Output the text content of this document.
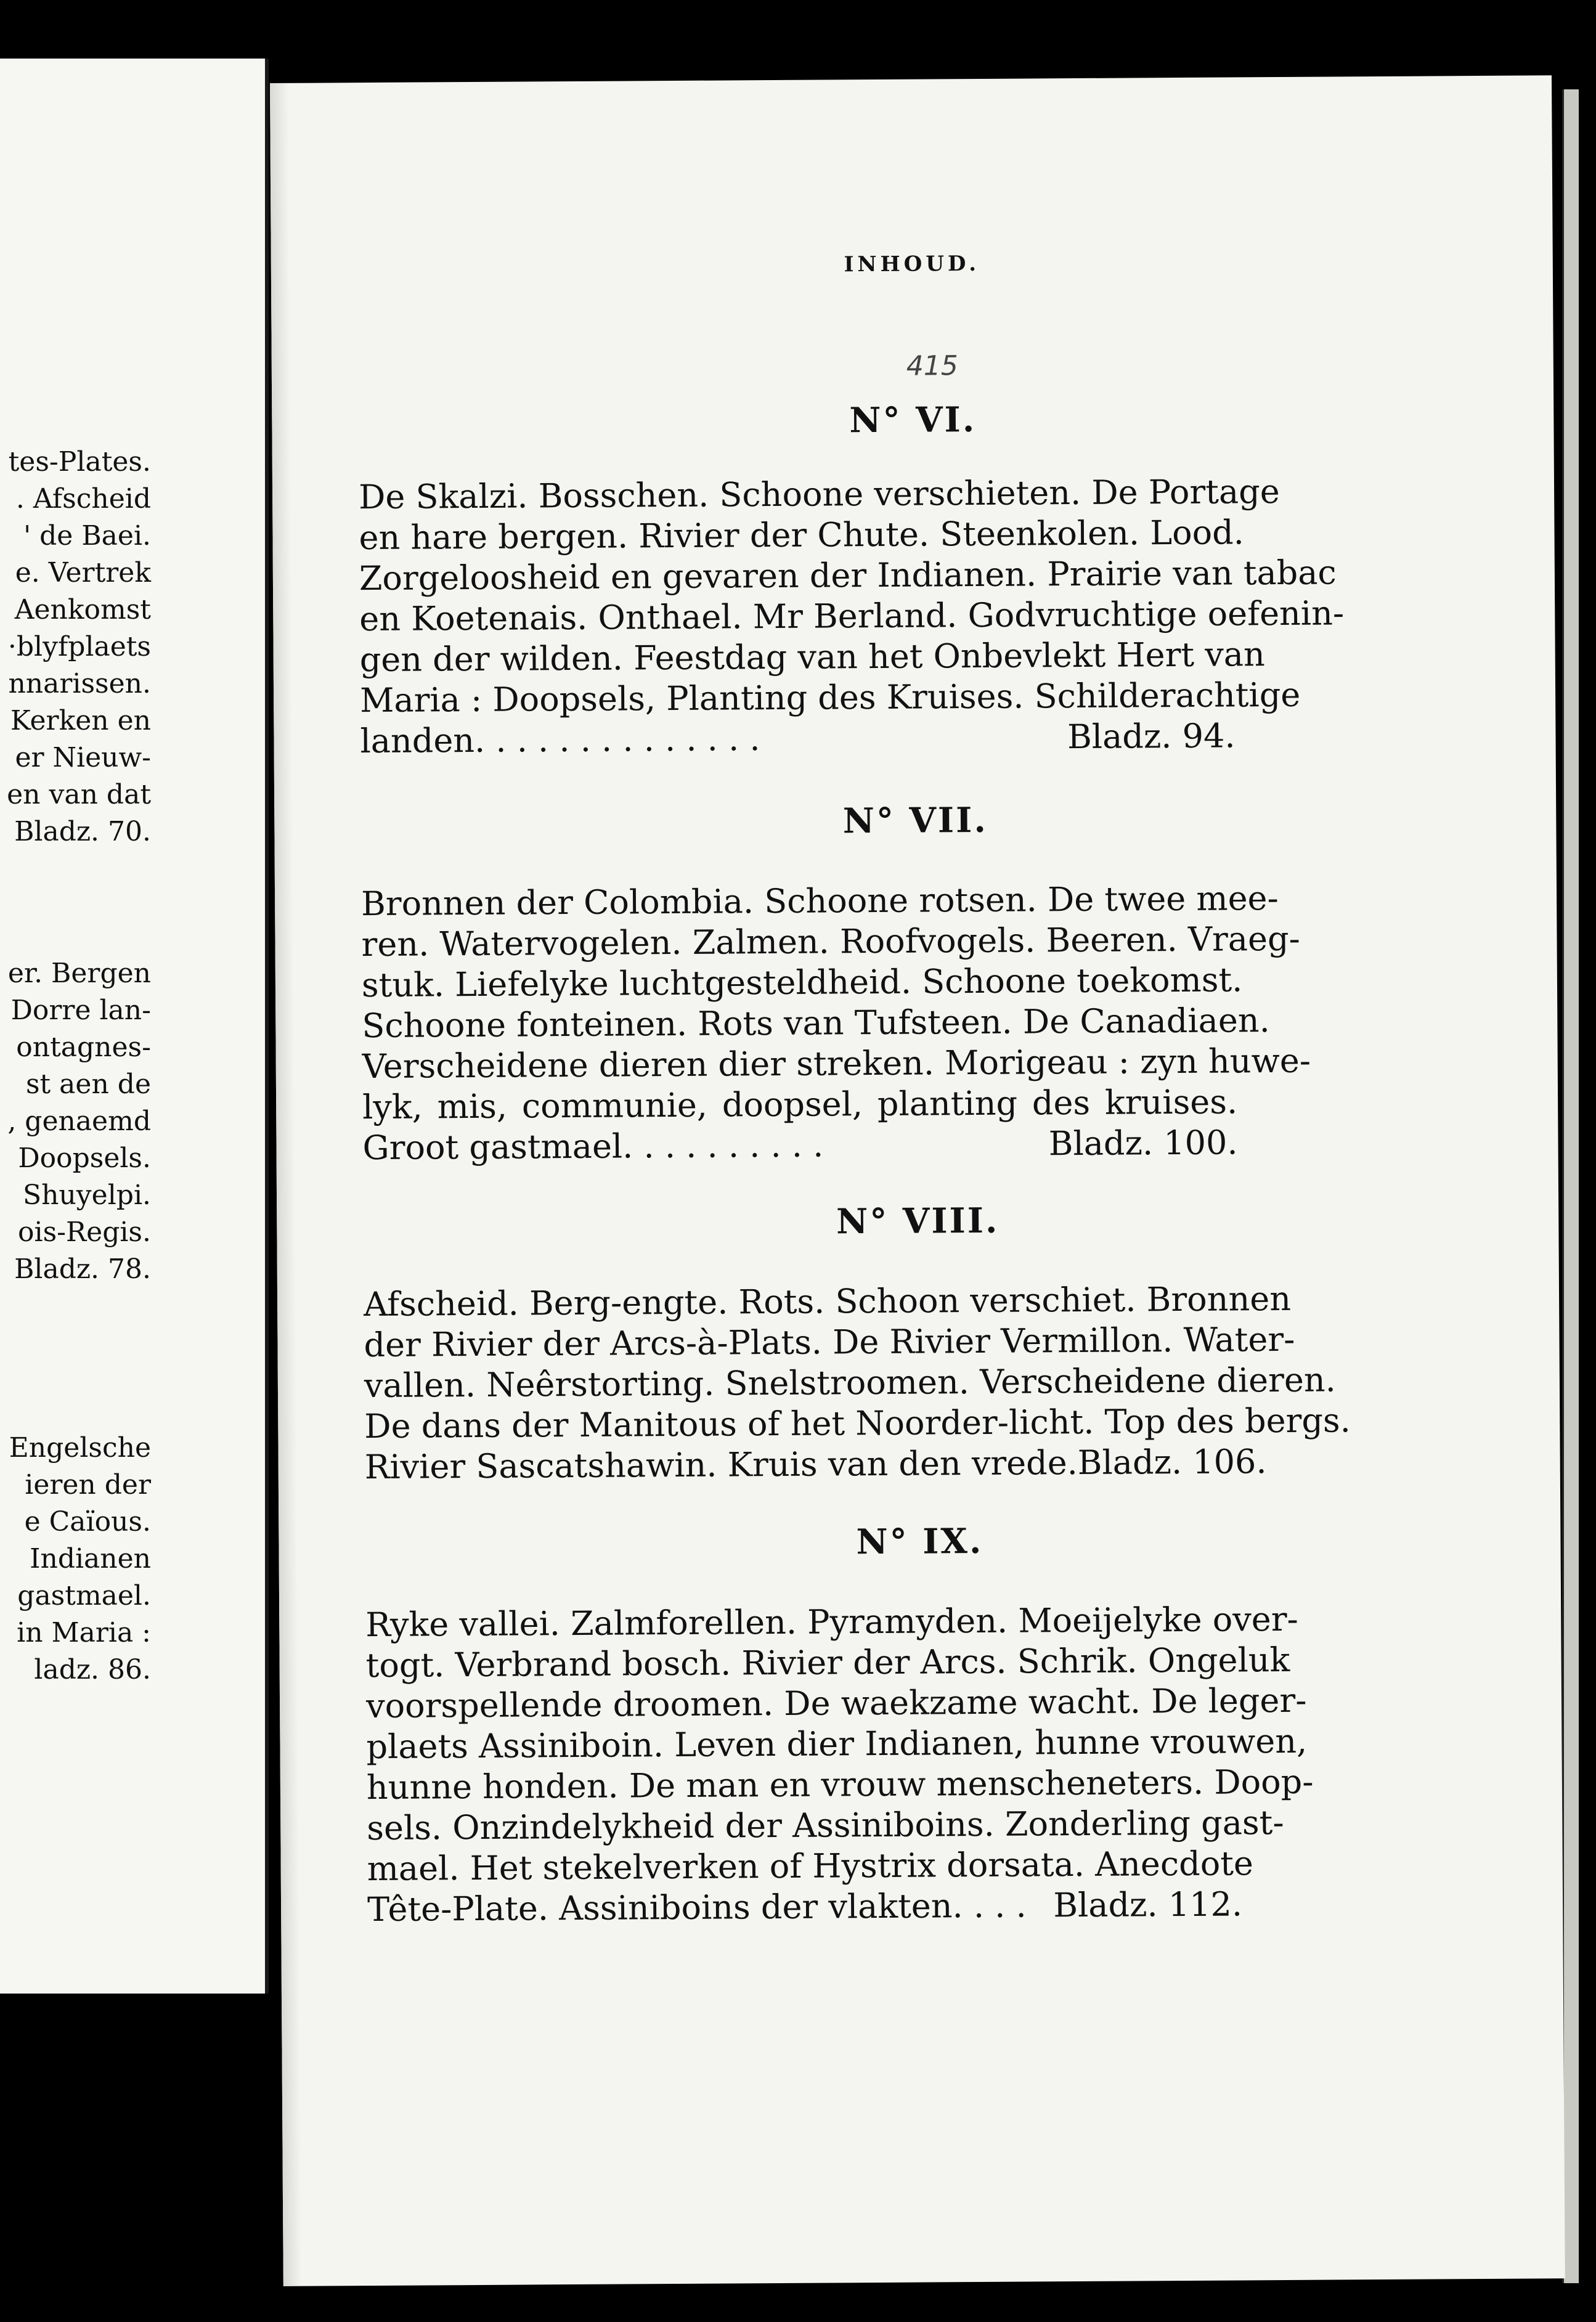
tes-Plates.
. Afscheid
' de Baei.
e. Vertrek
Aenkomst
·blyfplaets
nnarissen.
Kerken en
er Nieuw-
en van dat
Bladz. 70.
er. Bergen
Dorre lan-
ontagnes-
st aen de
, genaemd
Doopsels.
Shuyelpi.
ois-Regis.
Bladz. 78.
Engelsche
ieren der
e Caïous.
Indianen
gastmael.
in Maria :
ladz. 86.
INHOUD.
415
N° VI.
De Skalzi. Bosschen. Schoone verschieten. De Portage
en hare bergen. Rivier der Chute. Steenkolen. Lood.
Zorgeloosheid en gevaren der Indianen. Prairie van tabac
en Koetenais. Onthael. Mr Berland. Godvruchtige oefenin-
gen der wilden. Feestdag van het Onbevlekt Hert van
Maria : Doopsels, Planting des Kruises. Schilderachtige
landen. . . . . . . . . . . . . .	Bladz. 94.
N° VII.
Bronnen der Colombia. Schoone rotsen. De twee mee-
ren. Watervogelen. Zalmen. Roofvogels. Beeren. Vraeg-
stuk. Liefelyke luchtgesteldheid. Schoone toekomst.
Schoone fonteinen. Rots van Tufsteen. De Canadiaen.
Verscheidene dieren dier streken. Morigeau : zyn huwe-
lyk, mis, communie, doopsel, planting des kruises.
Groot gastmael. . . . . . . . . .	Bladz. 100.
N° VIII.
Afscheid. Berg-engte. Rots. Schoon verschiet. Bronnen
der Rivier der Arcs-à-Plats. De Rivier Vermillon. Water-
vallen. Neêrstorting. Snelstroomen. Verscheidene dieren.
De dans der Manitous of het Noorder-licht. Top des bergs.
Rivier Sascatshawin. Kruis van den vrede. Bladz. 106.
N° IX.
Ryke vallei. Zalmforellen. Pyramyden. Moeijelyke over-
togt. Verbrand bosch. Rivier der Arcs. Schrik. Ongeluk
voorspellende droomen. De waekzame wacht. De leger-
plaets Assiniboin. Leven dier Indianen, hunne vrouwen,
hunne honden. De man en vrouw menscheneters. Doop-
sels. Onzindelykheid der Assiniboins. Zonderling gast-
mael. Het stekelverken of Hystrix dorsata. Anecdote
Tête-Plate. Assiniboins der vlakten. . . . Bladz. 112.
